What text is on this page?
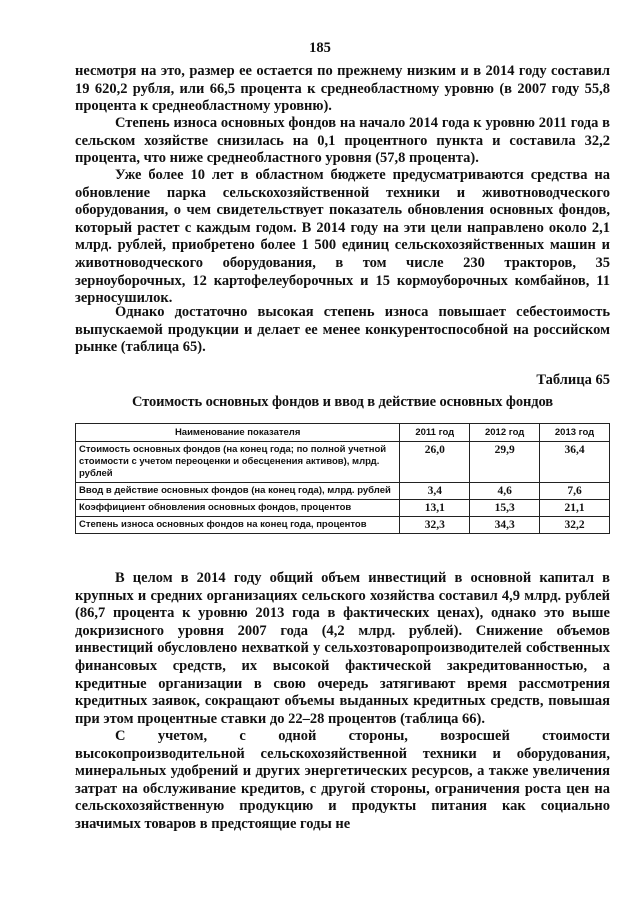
185

несмотря на это, размер ее остается по прежнему низким и в 2014 году составил 19 620,2 рубля, или 66,5 процента к среднеобластному уровню (в 2007 году 55,8 процента к среднеобластному уровню).

Степень износа основных фондов на начало 2014 года к уровню 2011 года в сельском хозяйстве снизилась на 0,1 процентного пункта и составила 32,2 процента, что ниже среднеобластного уровня (57,8 процента).

Уже более 10 лет в областном бюджете предусматриваются средства на обновление парка сельскохозяйственной техники и животноводческого оборудования, о чем свидетельствует показатель обновления основных фондов, который растет с каждым годом. В 2014 году на эти цели направлено около 2,1 млрд. рублей, приобретено более 1 500 единиц сельскохозяйственных машин и животноводческого оборудования, в том числе 230 тракторов, 35 зерноуборочных, 12 картофелеуборочных и 15 кормоуборочных комбайнов, 11 зерносушилок.

Однако достаточно высокая степень износа повышает себестоимость выпускаемой продукции и делает ее менее конкурентоспособной на российском рынке (таблица 65).

Таблица 65
Стоимость основных фондов и ввод в действие основных фондов
Наименование показателя	2011 год	2012 год	2013 год
Стоимость основных фондов (на конец года; по полной учетной стоимости с учетом переоценки и обесценения активов), млрд. рублей	26,0	29,9	36,4
Ввод в действие основных фондов (на конец года), млрд. рублей	3,4	4,6	7,6
Коэффициент обновления основных фондов, процентов	13,1	15,3	21,1
Степень износа основных фондов на конец года, процентов	32,3	34,3	32,2

В целом в 2014 году общий объем инвестиций в основной капитал в крупных и средних организациях сельского хозяйства составил 4,9 млрд. рублей (86,7 процента к уровню 2013 года в фактических ценах), однако это выше докризисного уровня 2007 года (4,2 млрд. рублей). Снижение объемов инвестиций обусловлено нехваткой у сельхозтоваропроизводителей собственных финансовых средств, их высокой фактической закредитованностью, а кредитные организации в свою очередь затягивают время рассмотрения кредитных заявок, сокращают объемы выданных кредитных средств, повышая при этом процентные ставки до 22–28 процентов (таблица 66).

С учетом, с одной стороны, возросшей стоимости высокопроизводительной сельскохозяйственной техники и оборудования, минеральных удобрений и других энергетических ресурсов, а также увеличения затрат на обслуживание кредитов, с другой стороны, ограничения роста цен на сельскохозяйственную продукцию и продукты питания как социально значимых товаров в предстоящие годы не
